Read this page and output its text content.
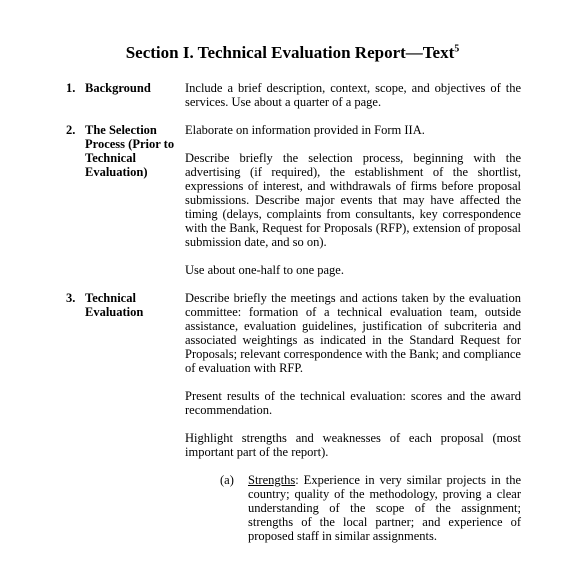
Section I. Technical Evaluation Report—Text$^5$
1. Background	Include a brief description, context, scope, and objectives of the services. Use about a quarter of a page.

2. The Selection
Process (Prior to
Technical
Evaluation)

Elaborate on information provided in Form IIA.

Describe briefly the selection process, beginning with the advertising (if required), the establishment of the shortlist, expressions of interest, and withdrawals of firms before proposal submissions. Describe major events that may have affected the timing (delays, complaints from consultants, key correspondence with the Bank, Request for Proposals (RFP), extension of proposal submission date, and so on).

Use about one-half to one page.

3. Technical
Evaluation

Describe briefly the meetings and actions taken by the evaluation committee: formation of a technical evaluation team, outside assistance, evaluation guidelines, justification of subcriteria and associated weightings as indicated in the Standard Request for Proposals; relevant correspondence with the Bank; and compliance of evaluation with RFP.

Present results of the technical evaluation: scores and the award recommendation.

Highlight strengths and weaknesses of each proposal (most important part of the report).

(a) Strengths: Experience in very similar projects in the country; quality of the methodology, proving a clear understanding of the scope of the assignment; strengths of the local partner; and experience of proposed staff in similar assignments.
